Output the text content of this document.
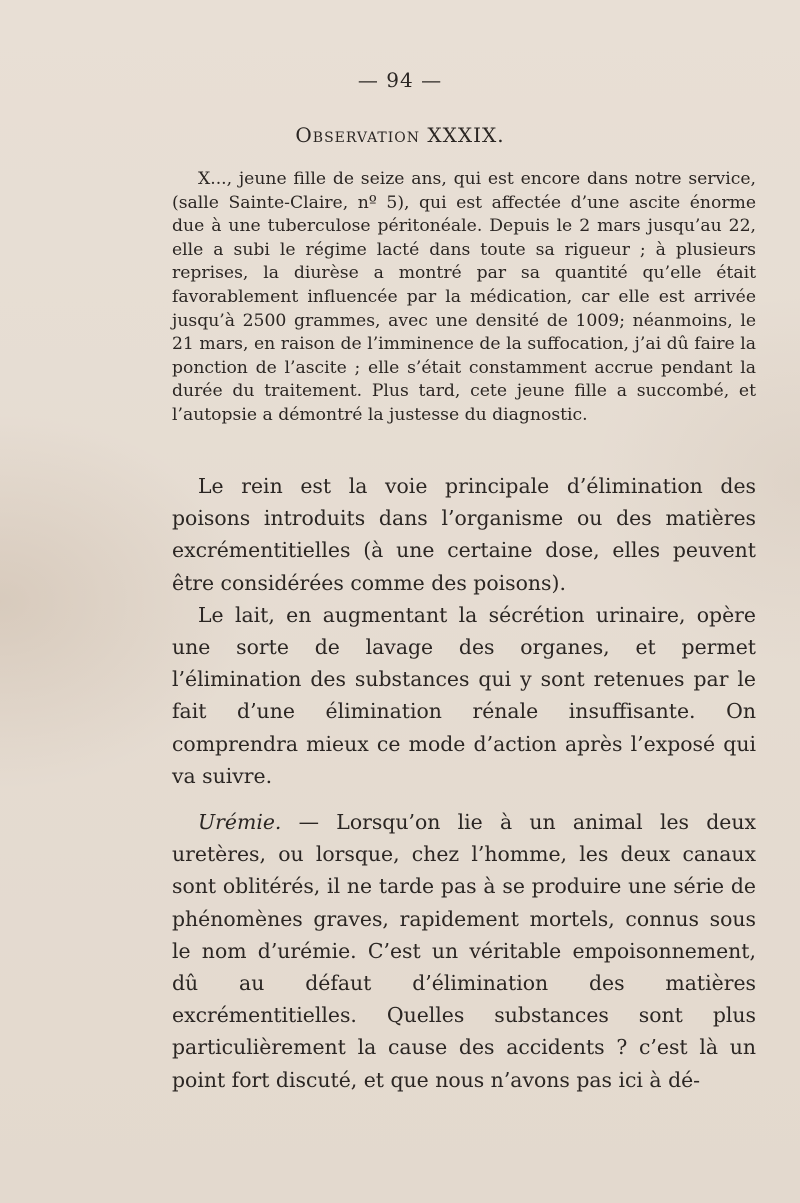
— 94 —
Observation XXXIX.

X..., jeune fille de seize ans, qui est encore dans notre service, (salle Sainte-Claire, nº 5), qui est affectée d’une ascite énorme due à une tuberculose péritonéale. Depuis le 2 mars jusqu’au 22, elle a subi le régime lacté dans toute sa rigueur ; à plusieurs reprises, la diurèse a montré par sa quantité qu’elle était favorablement influencée par la médication, car elle est arrivée jusqu’à 2500 grammes, avec une densité de 1009; néanmoins, le 21 mars, en raison de l’imminence de la suffocation, j’ai dû faire la ponction de l’ascite ; elle s’était constamment accrue pendant la durée du traitement. Plus tard, cete jeune fille a succombé, et l’autopsie a démontré la justesse du diagnostic.

Le rein est la voie principale d’élimination des poisons introduits dans l’organisme ou des matières excrémentitielles (à une certaine dose, elles peuvent être considérées comme des poisons).

Le lait, en augmentant la sécrétion urinaire, opère une sorte de lavage des organes, et permet l’élimination des substances qui y sont retenues par le fait d’une élimination rénale insuffisante. On comprendra mieux ce mode d’action après l’exposé qui va suivre.

Urémie. — Lorsqu’on lie à un animal les deux uretères, ou lorsque, chez l’homme, les deux canaux sont oblitérés, il ne tarde pas à se produire une série de phénomènes graves, rapidement mortels, connus sous le nom d’urémie. C’est un véritable empoisonnement, dû au défaut d’élimination des matières excrémentitielles. Quelles substances sont plus particulièrement la cause des accidents ? c’est là un point fort discuté, et que nous n’avons pas ici à dé-
